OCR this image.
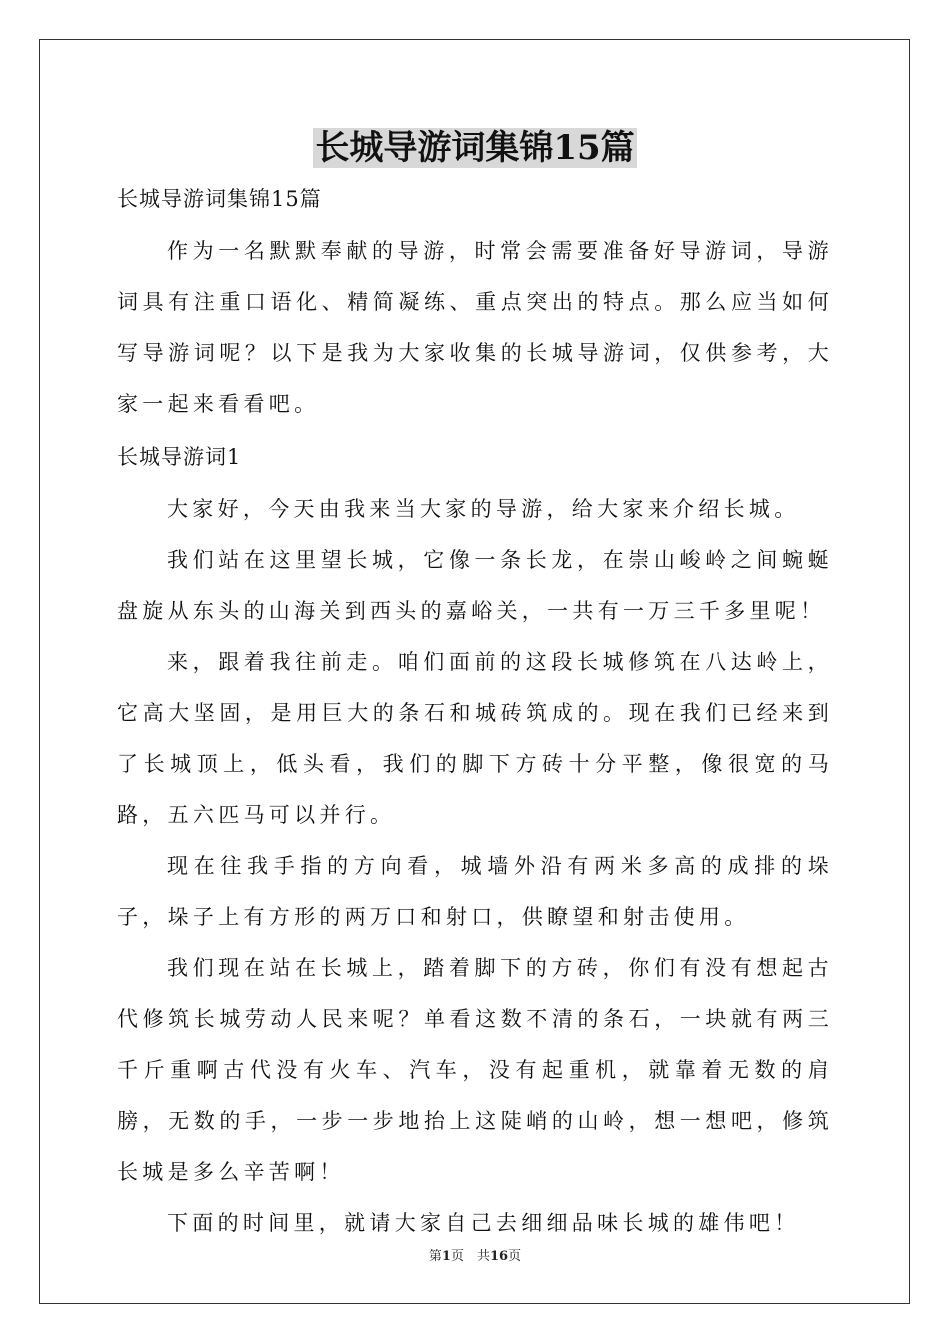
长城导游词集锦15篇

长城导游词集锦15篇

作为一名默默奉献的导游，时常会需要准备好导游词，导游词具有注重口语化、精简凝练、重点突出的特点。那么应当如何写导游词呢？以下是我为大家收集的长城导游词，仅供参考，大家一起来看看吧。

长城导游词1

大家好，今天由我来当大家的导游，给大家来介绍长城。

我们站在这里望长城，它像一条长龙，在崇山峻岭之间蜿蜒盘旋从东头的山海关到西头的嘉峪关，一共有一万三千多里呢！

来，跟着我往前走。咱们面前的这段长城修筑在八达岭上，它高大坚固，是用巨大的条石和城砖筑成的。现在我们已经来到了长城顶上，低头看，我们的脚下方砖十分平整，像很宽的马路，五六匹马可以并行。

现在往我手指的方向看，城墙外沿有两米多高的成排的垛子，垛子上有方形的两万口和射口，供瞭望和射击使用。

我们现在站在长城上，踏着脚下的方砖，你们有没有想起古代修筑长城劳动人民来呢？单看这数不清的条石，一块就有两三千斤重啊古代没有火车、汽车，没有起重机，就靠着无数的肩膀，无数的手，一步一步地抬上这陡峭的山岭，想一想吧，修筑长城是多么辛苦啊！

下面的时间里，就请大家自己去细细品味长城的雄伟吧！

第1页　共16页
